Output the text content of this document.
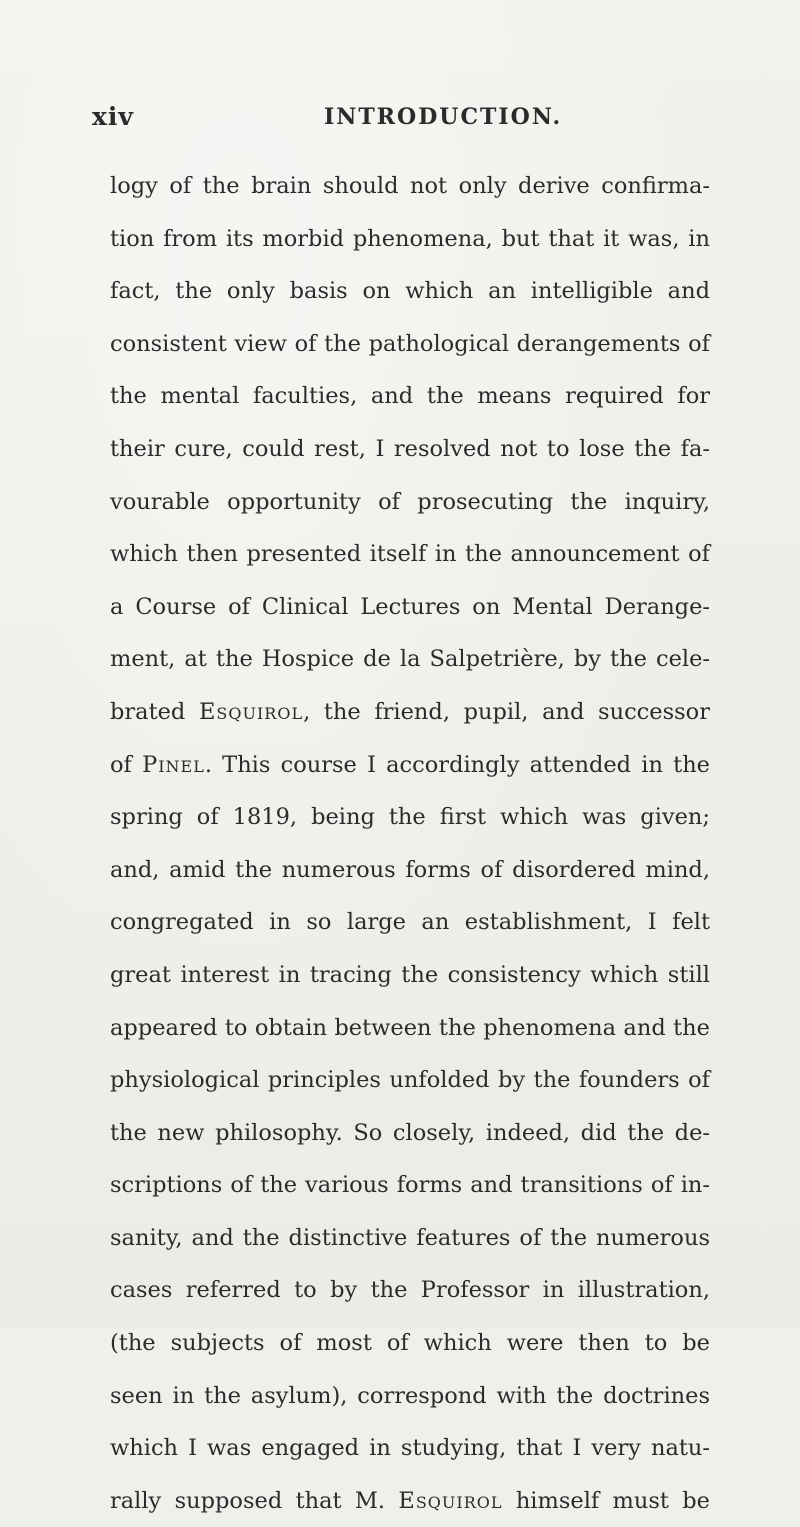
xiv	INTRODUCTION.
logy of the brain should not only derive confirma-
tion from its morbid phenomena, but that it was, in
fact, the only basis on which an intelligible and
consistent view of the pathological derangements of
the mental faculties, and the means required for
their cure, could rest, I resolved not to lose the fa-
vourable opportunity of prosecuting the inquiry,
which then presented itself in the announcement of
a Course of Clinical Lectures on Mental Derange-
ment, at the Hospice de la Salpetrière, by the cele-
brated Esquirol, the friend, pupil, and successor
of Pinel. This course I accordingly attended in the
spring of 1819, being the first which was given;
and, amid the numerous forms of disordered mind,
congregated in so large an establishment, I felt
great interest in tracing the consistency which still
appeared to obtain between the phenomena and the
physiological principles unfolded by the founders of
the new philosophy. So closely, indeed, did the de-
scriptions of the various forms and transitions of in-
sanity, and the distinctive features of the numerous
cases referred to by the Professor in illustration,
(the subjects of most of which were then to be
seen in the asylum), correspond with the doctrines
which I was engaged in studying, that I very natu-
rally supposed that M. Esquirol himself must be
